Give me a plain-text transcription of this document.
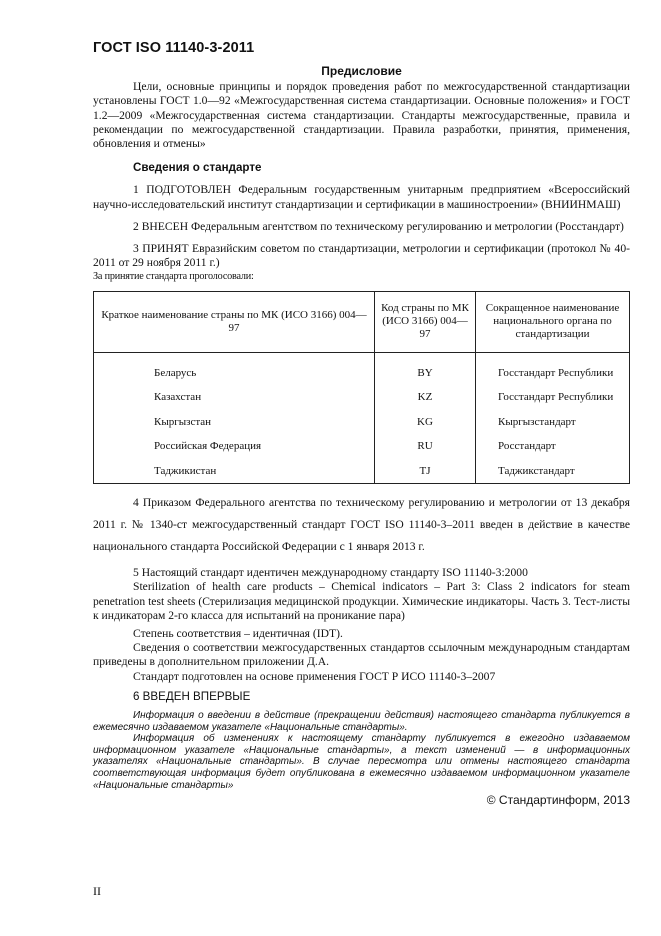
ГОСТ ISO 11140-3-2011
Предисловие

Цели, основные принципы и порядок проведения работ по межгосударственной стандартизации установлены ГОСТ 1.0—92 «Межгосударственная система стандартизации. Основные положения» и ГОСТ 1.2—2009 «Межгосударственная система стандартизации. Стандарты межгосударственные, правила и рекомендации по межгосударственной стандартизации. Правила разработки, принятия, применения, обновления и отмены»

Сведения о стандарте

1 ПОДГОТОВЛЕН Федеральным государственным унитарным предприятием «Всероссийский научно-исследовательский институт стандартизации и сертификации в машиностроении» (ВНИИНМАШ)

2 ВНЕСЕН Федеральным агентством по техническому регулированию и метрологии (Росстандарт)

3 ПРИНЯТ Евразийским советом по стандартизации, метрологии и сертификации (протокол № 40-2011 от 29 ноября 2011 г.)

За принятие стандарта проголосовали:

Краткое наименование страны по МК (ИСО 3166) 004—97	Код страны по МК (ИСО 3166) 004—97	Сокращенное наименование национального органа по стандартизации
Беларусь	BY	Госстандарт Республики
Казахстан	KZ	Госстандарт Республики
Кыргызстан	KG	Кыргызстандарт
Российская Федерация	RU	Росстандарт
Таджикистан	TJ	Таджикстандарт

4 Приказом Федерального агентства по техническому регулированию и метрологии от 13 декабря 2011 г. № 1340-ст межгосударственный стандарт ГОСТ ISO 11140-3–2011 введен в действие в качестве национального стандарта Российской Федерации с 1 января 2013 г.

5 Настоящий стандарт идентичен международному стандарту ISO 11140-3:2000

Sterilization of health care products – Chemical indicators – Part 3: Class 2 indicators for steam penetration test sheets (Стерилизация медицинской продукции. Химические индикаторы. Часть 3. Тест-листы к индикаторам 2-го класса для испытаний на проникание пара)

Степень соответствия – идентичная (IDT).

Сведения о соответствии межгосударственных стандартов ссылочным международным стандартам приведены в дополнительном приложении Д.А.

Стандарт подготовлен на основе применения ГОСТ Р ИСО 11140-3–2007

6 ВВЕДЕН ВПЕРВЫЕ

Информация о введении в действие (прекращении действия) настоящего стандарта публикуется в ежемесячно издаваемом указателе «Национальные стандарты».

Информация об изменениях к настоящему стандарту публикуется в ежегодно издаваемом информационном указателе «Национальные стандарты», а текст изменений — в информационных указателях «Национальные стандарты». В случае пересмотра или отмены настоящего стандарта соответствующая информация будет опубликована в ежемесячно издаваемом информационном указателе «Национальные стандарты»

© Стандартинформ, 2013
II
